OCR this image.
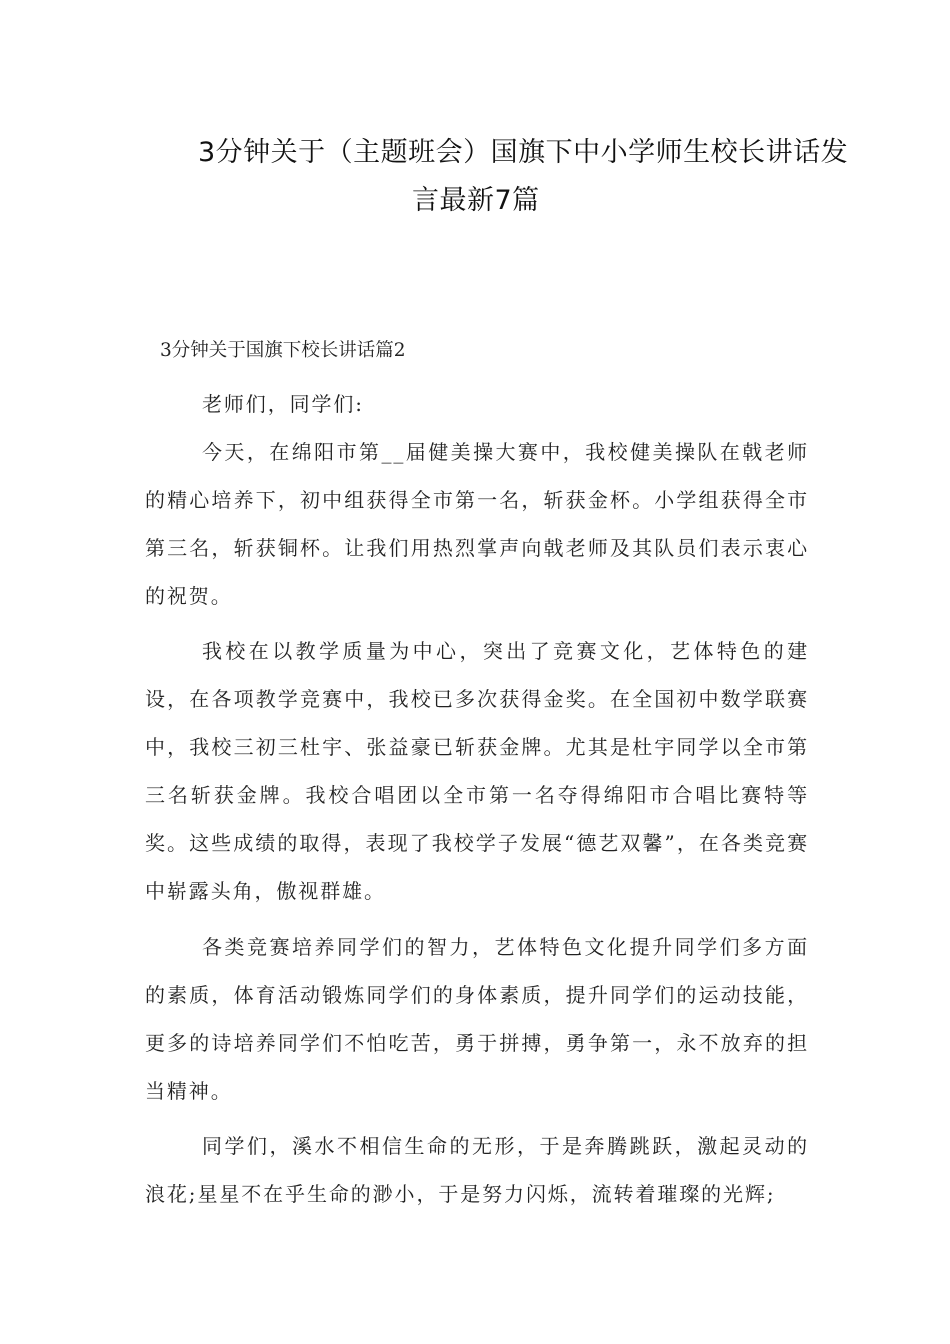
3分钟关于（主题班会）国旗下中小学师生校长讲话发
言最新7篇
3分钟关于国旗下校长讲话篇2

老师们，同学们:

今天，在绵阳市第__届健美操大赛中，我校健美操队在戟老师的精心培养下，初中组获得全市第一名，斩获金杯。小学组获得全市第三名，斩获铜杯。让我们用热烈掌声向戟老师及其队员们表示衷心的祝贺。

我校在以教学质量为中心，突出了竞赛文化，艺体特色的建设，在各项教学竞赛中，我校已多次获得金奖。在全国初中数学联赛中，我校三初三杜宇、张益豪已斩获金牌。尤其是杜宇同学以全市第三名斩获金牌。我校合唱团以全市第一名夺得绵阳市合唱比赛特等奖。这些成绩的取得，表现了我校学子发展“德艺双馨”，在各类竞赛中崭露头角，傲视群雄。

各类竞赛培养同学们的智力，艺体特色文化提升同学们多方面的素质，体育活动锻炼同学们的身体素质，提升同学们的运动技能，更多的诗培养同学们不怕吃苦，勇于拼搏，勇争第一，永不放弃的担当精神。

同学们，溪水不相信生命的无形，于是奔腾跳跃，激起灵动的浪花;星星不在乎生命的渺小，于是努力闪烁，流转着璀璨的光辉;
